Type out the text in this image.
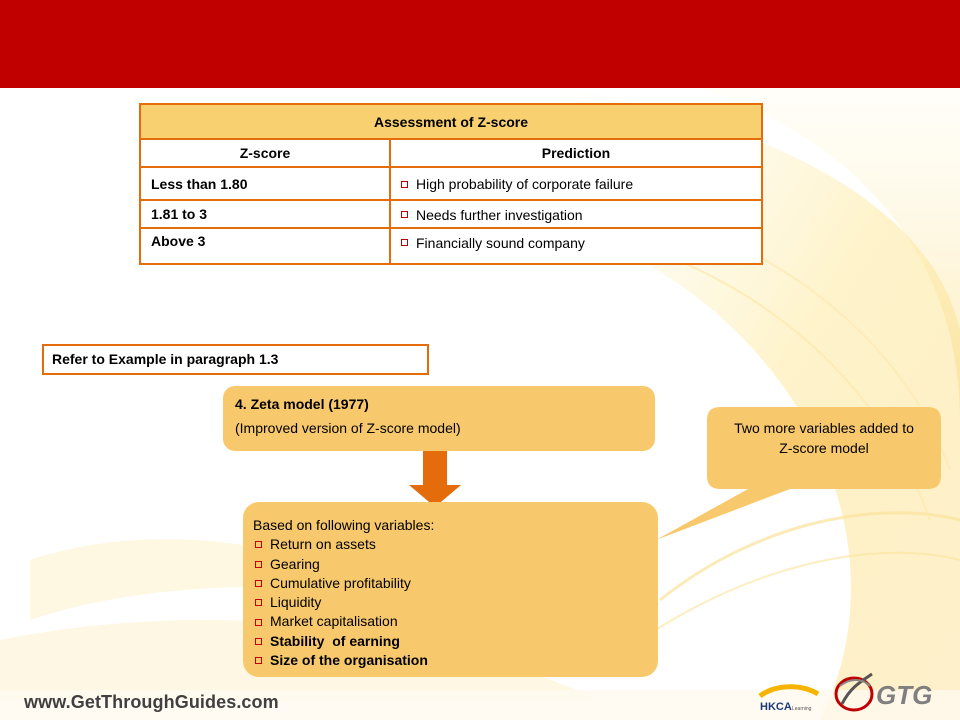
Assessment of Z-score	
Z-score	Prediction
Less than 1.80	High probability of corporate failure

1.81 to 3	Needs further investigation

Above 3	Financially sound company
Refer to Example in paragraph 1.3
4. Zeta model (1977)
(Improved version of Z-score model)	Two more variables added to
Z-score model
Based on following variables:
Return on assets
Gearing
Cumulative profitability
Liquidity
Market capitalisation
Stability  of earning
Size of the organisation
www.GetThroughGuides.com	HKCA Learning GTG
